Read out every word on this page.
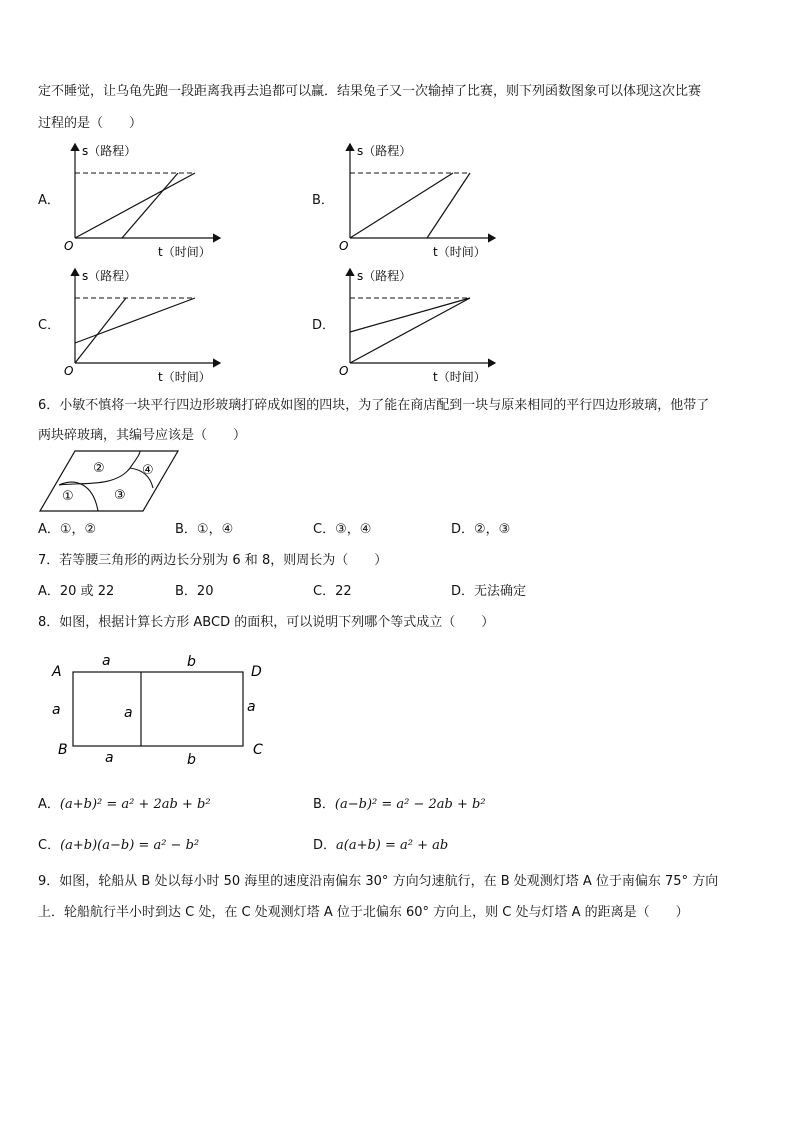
定不睡觉，让乌龟先跑一段距离我再去追都可以赢．结果兔子又一次输掉了比赛，则下列函数图象可以体现这次比赛
过程的是（　　）
A．
s（路程）
t（时间）
O
B．
s（路程）
t（时间）
O
C．
s（路程）
t（时间）
O
D．
s（路程）
t（时间）
O
6．小敏不慎将一块平行四边形玻璃打碎成如图的四块，为了能在商店配到一块与原来相同的平行四边形玻璃，他带了
两块碎玻璃，其编号应该是（　　）
②	④
①	③
A．①，②	B．①，④	C．③，④	D．②，③
7．若等腰三角形的两边长分别为 6 和 8，则周长为（　　）
A．20 或 22	B．20	C．22	D．无法确定
8．如图，根据计算长方形 ABCD 的面积，可以说明下列哪个等式成立（　　）
A	D
B	C
a	b
a	a	a
a	b
A．(a+b)² = a² + 2ab + b²	B．(a−b)² = a² − 2ab + b²
C．(a+b)(a−b) = a² − b²	D．a(a+b) = a² + ab
9．如图，轮船从 B 处以每小时 50 海里的速度沿南偏东 30° 方向匀速航行，在 B 处观测灯塔 A 位于南偏东 75° 方向
上．轮船航行半小时到达 C 处，在 C 处观测灯塔 A 位于北偏东 60° 方向上，则 C 处与灯塔 A 的距离是（　　）
